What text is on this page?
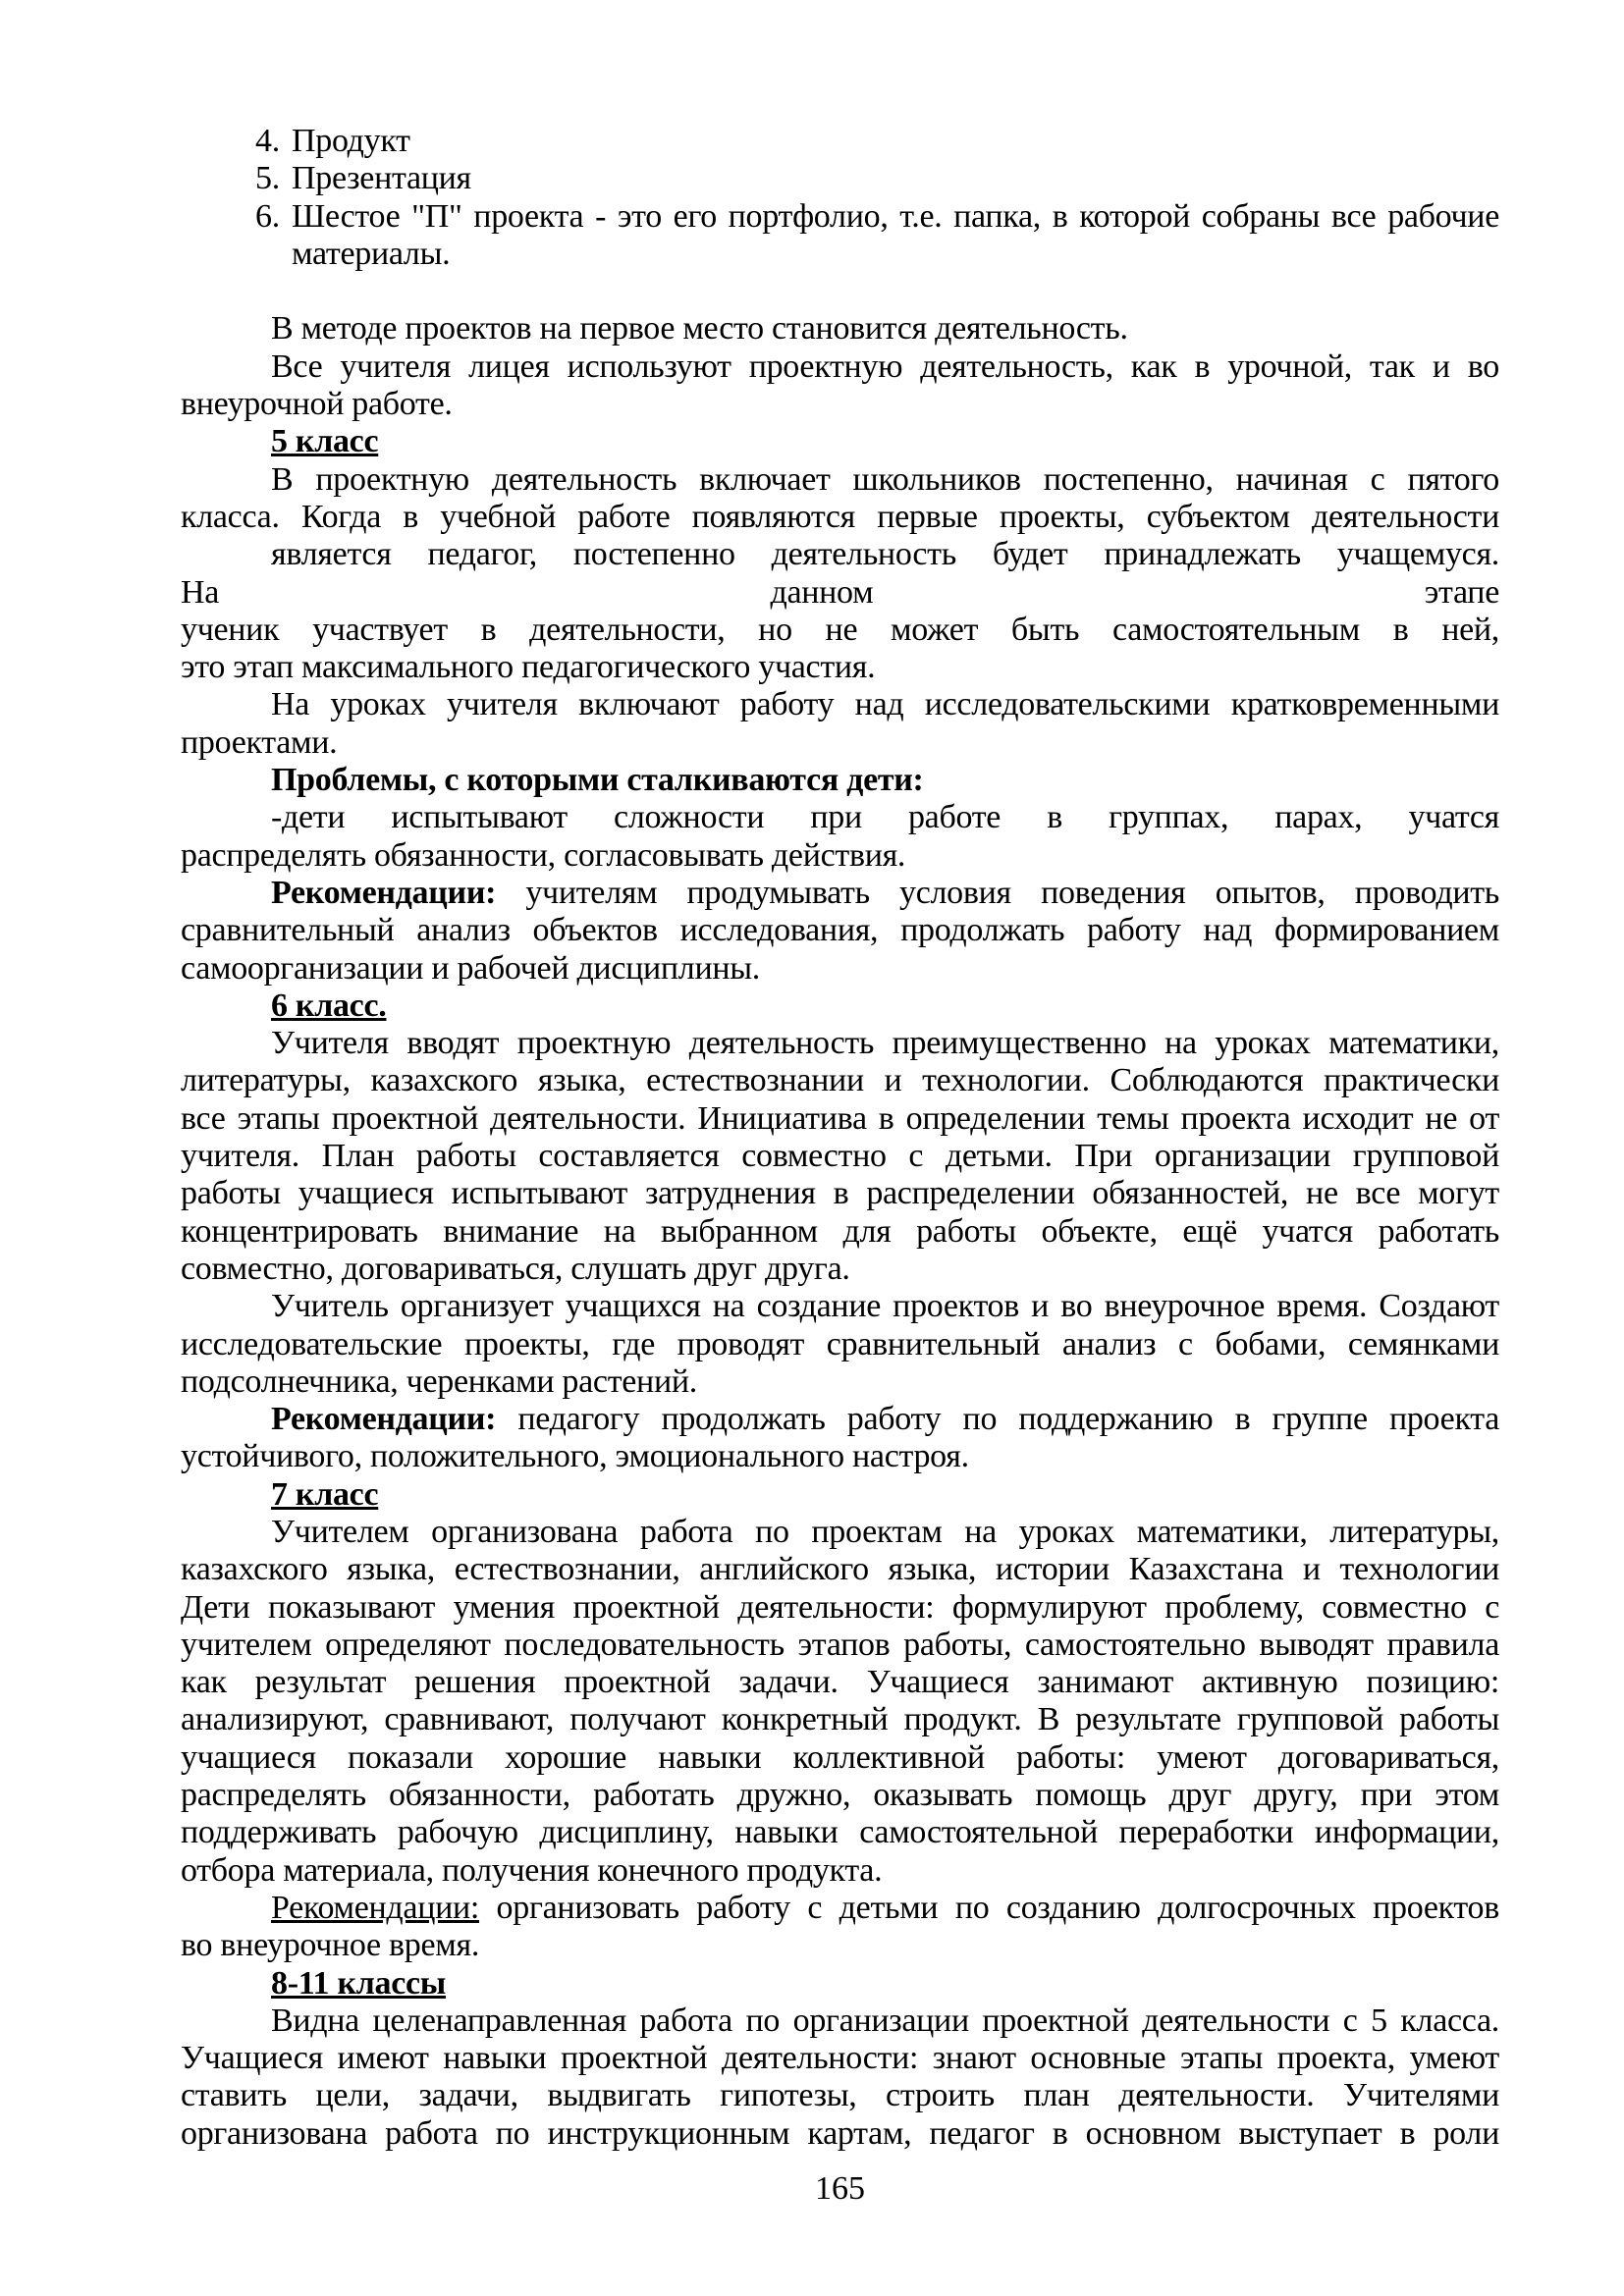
4. Продукт
5. Презентация
6. Шестое "П" проекта - это его портфолио, т.е. папка, в которой собраны все рабочие
материалы.
В методе проектов на первое место становится деятельность.
Все учителя лицея используют проектную деятельность, как в урочной, так и во
внеурочной работе.
5 класс
В проектную деятельность включает школьников постепенно, начиная с пятого
класса. Когда в учебной работе появляются первые проекты, субъектом деятельности
является педагог, постепенно деятельность будет принадлежать учащемуся.
На данном этапе
ученик участвует в деятельности, но не может быть самостоятельным в ней,
это этап максимального педагогического участия.
На уроках учителя включают работу над исследовательскими кратковременными
проектами.
Проблемы, с которыми сталкиваются дети:
-дети испытывают сложности при работе в группах, парах, учатся
распределять обязанности, согласовывать действия.
Рекомендации: учителям продумывать условия поведения опытов, проводить
сравнительный анализ объектов исследования, продолжать работу над формированием
самоорганизации и рабочей дисциплины.
6 класс.
Учителя вводят проектную деятельность преимущественно на уроках математики,
литературы, казахского языка, естествознании и технологии. Соблюдаются практически
все этапы проектной деятельности. Инициатива в определении темы проекта исходит не от
учителя. План работы составляется совместно с детьми. При организации групповой
работы учащиеся испытывают затруднения в распределении обязанностей, не все могут
концентрировать внимание на выбранном для работы объекте, ещё учатся работать
совместно, договариваться, слушать друг друга.
Учитель организует учащихся на создание проектов и во внеурочное время. Создают
исследовательские проекты, где проводят сравнительный анализ с бобами, семянками
подсолнечника, черенками растений.
Рекомендации: педагогу продолжать работу по поддержанию в группе проекта
устойчивого, положительного, эмоционального настроя.
7 класс
Учителем организована работа по проектам на уроках математики, литературы,
казахского языка, естествознании, английского языка, истории Казахстана и технологии
Дети показывают умения проектной деятельности: формулируют проблему, совместно с
учителем определяют последовательность этапов работы, самостоятельно выводят правила
как результат решения проектной задачи. Учащиеся занимают активную позицию:
анализируют, сравнивают, получают конкретный продукт. В результате групповой работы
учащиеся показали хорошие навыки коллективной работы: умеют договариваться,
распределять обязанности, работать дружно, оказывать помощь друг другу, при этом
поддерживать рабочую дисциплину, навыки самостоятельной переработки информации,
отбора материала, получения конечного продукта.
Рекомендации: организовать работу с детьми по созданию долгосрочных проектов
во внеурочное время.
8-11 классы
Видна целенаправленная работа по организации проектной деятельности с 5 класса.
Учащиеся имеют навыки проектной деятельности: знают основные этапы проекта, умеют
ставить цели, задачи, выдвигать гипотезы, строить план деятельности. Учителями
организована работа по инструкционным картам, педагог в основном выступает в роли
165
